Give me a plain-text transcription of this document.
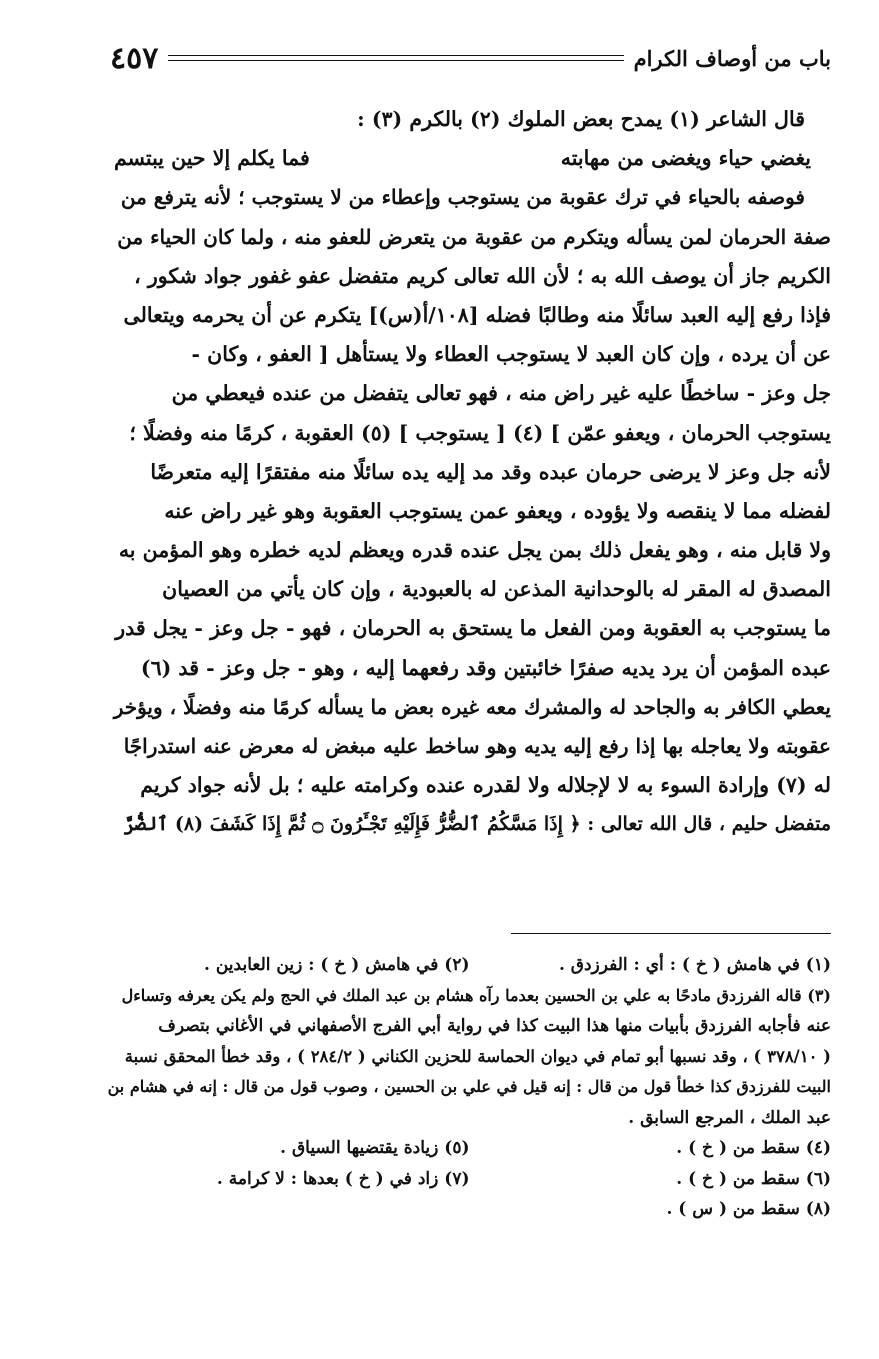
باب من أوصاف الكرام
٤٥٧
قال الشاعر (١) يمدح بعض الملوك (٢) بالكرم (٣) :
يغضي حياء ويغضى من مهابته
فما يكلم إلا حين يبتسم
فوصفه بالحياء في ترك عقوبة من يستوجب وإعطاء من لا يستوجب ؛ لأنه يترفع من
صفة الحرمان لمن يسأله ويتكرم من عقوبة من يتعرض للعفو منه ، ولما كان الحياء من
الكريم جاز أن يوصف الله به ؛ لأن الله تعالى كريم متفضل عفو غفور جواد شكور ،
فإذا رفع إليه العبد سائلًا منه وطالبًا فضله [١٠٨/أ(س)] يتكرم عن أن يحرمه ويتعالى
عن أن يرده ، وإن كان العبد لا يستوجب العطاء ولا يستأهل [ العفو ، وكان -
جل وعز - ساخطًا عليه غير راض منه ، فهو تعالى يتفضل من عنده فيعطي من
يستوجب الحرمان ، ويعفو عمّن ] (٤) [ يستوجب ] (٥) العقوبة ، كرمًا منه وفضلًا ؛
لأنه جل وعز لا يرضى حرمان عبده وقد مد إليه يده سائلًا منه مفتقرًا إليه متعرضًا
لفضله مما لا ينقصه ولا يؤوده ، ويعفو عمن يستوجب العقوبة وهو غير راض عنه
ولا قابل منه ، وهو يفعل ذلك بمن يجل عنده قدره ويعظم لديه خطره وهو المؤمن به
المصدق له المقر له بالوحدانية المذعن له بالعبودية ، وإن كان يأتي من العصيان
ما يستوجب به العقوبة ومن الفعل ما يستحق به الحرمان ، فهو - جل وعز - يجل قدر
عبده المؤمن أن يرد يديه صفرًا خائبتين وقد رفعهما إليه ، وهو - جل وعز - قد (٦)
يعطي الكافر به والجاحد له والمشرك معه غيره بعض ما يسأله كرمًا منه وفضلًا ، ويؤخر
عقوبته ولا يعاجله بها إذا رفع إليه يديه وهو ساخط عليه مبغض له معرض عنه استدراجًا
له (٧) وإرادة السوء به لا لإجلاله ولا لقدره عنده وكرامته عليه ؛ بل لأنه جواد كريم
متفضل حليم ، قال الله تعالى : ﴿ إِذَا مَسَّكُمُ ٱلضُّرُّ فَإِلَيْهِ تَجْـَٔرُونَ ۝ ثُمَّ إِذَا كَشَفَ (٨) ٱلضُّرَّ
(١) في هامش ( خ ) : أي : الفرزدق .
(٢) في هامش ( خ ) : زين العابدين .
(٣) قاله الفرزدق مادحًا به علي بن الحسين بعدما رآه هشام بن عبد الملك في الحج ولم يكن يعرفه وتساءل
عنه فأجابه الفرزدق بأبيات منها هذا البيت كذا في رواية أبي الفرج الأصفهاني في الأغاني بتصرف
( ٣٧٨/١٠ ) ، وقد نسبها أبو تمام في ديوان الحماسة للحزين الكناني ( ٢٨٤/٢ ) ، وقد خطأ المحقق نسبة
البيت للفرزدق كذا خطأ قول من قال : إنه قيل في علي بن الحسين ، وصوب قول من قال : إنه في هشام بن
عبد الملك ، المرجع السابق .
(٤) سقط من ( خ ) .
(٥) زيادة يقتضيها السياق .
(٦) سقط من ( خ ) .
(٧) زاد في ( خ ) بعدها : لا كرامة .
(٨) سقط من ( س ) .
